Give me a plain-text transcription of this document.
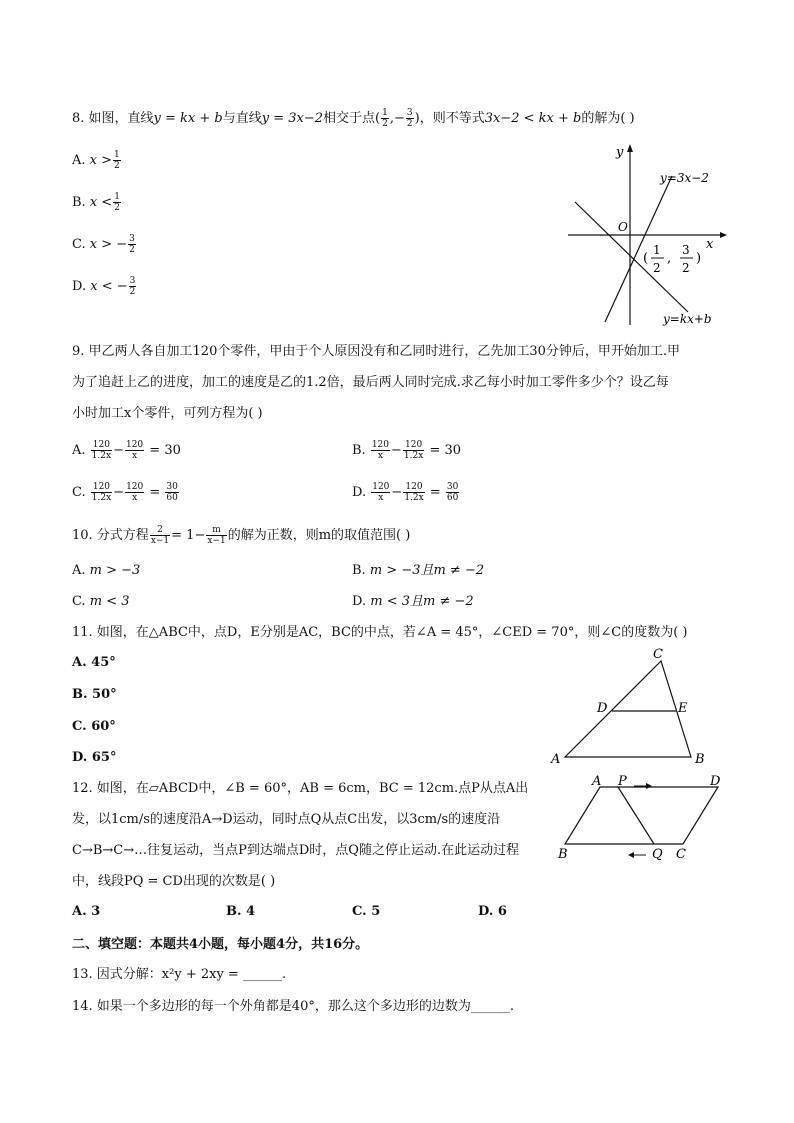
8. 如图，直线y = kx + b与直线y = 3x−2相交于点( $\frac{1}{2}$ ,− $\frac{3}{2}$ )，则不等式3x−2 < kx + b的解为( )
A. $x > \frac{1}{2}$
B. $x < \frac{1}{2}$
C. x > − $\frac{3}{2}$
D. x < − $\frac{3}{2}$
y
x
O
y=3x−2
y=kx+b
(
1
2
,
3
2
)
9. 甲乙两人各自加工120个零件，甲由于个人原因没有和乙同时进行，乙先加工30分钟后，甲开始加工.甲
为了追赶上乙的进度，加工的速度是乙的1.2倍，最后两人同时完成.求乙每小时加工零件多少个？设乙每
小时加工x个零件，可列方程为( )
A. $\frac{120}{1.2x} - \frac{120}{x} = 30$	B. $\frac{120}{x} - \frac{120}{1.2x} = 30$
C. $\frac{120}{1.2x} - \frac{120}{x} = \frac{30}{60}$	D. $\frac{120}{x} - \frac{120}{1.2x} = \frac{30}{60}$
10. 分式方程 $\frac{2}{x-1} = 1- \frac{m}{x-1}$ 的解为正数，则m的取值范围( )
A. m > −3	B. m > −3且m ≠ −2
C. m < 3	D. m < 3且m ≠ −2
11. 如图，在△ABC中，点D，E分别是AC，BC的中点，若∠A = 45°，∠CED = 70°，则∠C的度数为( )
A. 45°
B. 50°
C. 60°
D. 65°	A	B
C
D	E
12. 如图，在▱ABCD中，∠B = 60°，AB = 6cm，BC = 12cm.点P从点A出
发，以1cm/s的速度沿A→D运动，同时点Q从点C出发，以3cm/s的速度沿
C→B→C→…往复运动，当点P到达端点D时，点Q随之停止运动.在此运动过程
中，线段PQ = CD出现的次数是( )
A. 3	B. 4	C. 5	D. 6
A P	D
B	Q C
二、填空题：本题共4小题，每小题4分，共16分。
13. 因式分解：x²y + 2xy = ______.
14. 如果一个多边形的每一个外角都是40°，那么这个多边形的边数为______.
